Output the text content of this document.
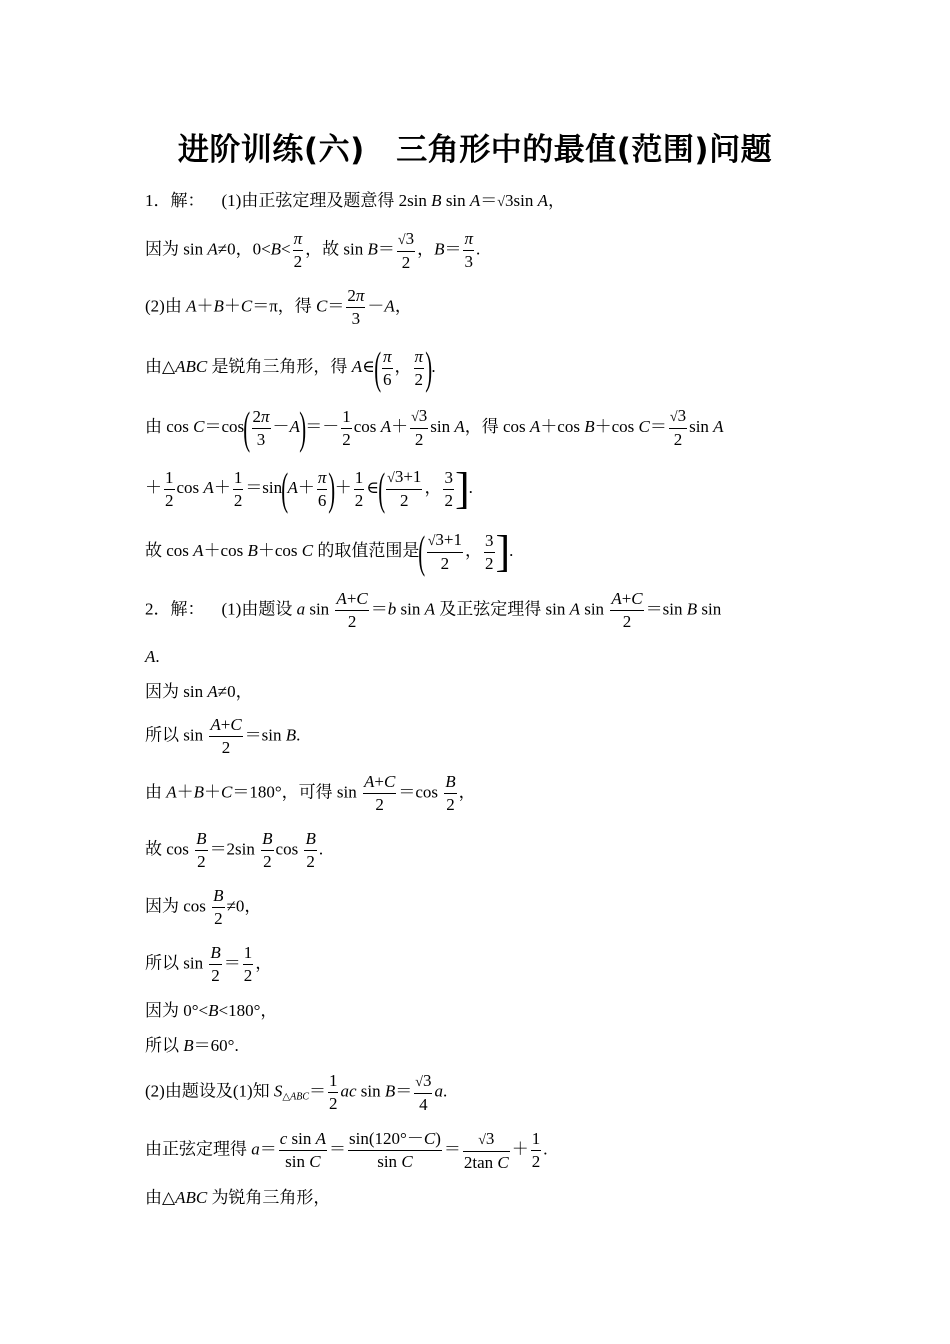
进阶训练(六)　三角形中的最值(范围)问题
1．解：    (1)由正弦定理及题意得 2sin B sin A＝√3sin A，
因为 sin A≠0，$0<B< \frac{\pi}{2}$ ，故 $\sin B= \frac{√3}{2}$ ，$B= \frac{\pi}{3}$ .
(2)由 A＋B＋C＝π，得 $C= \frac{2\pi}{3} -A$，
由△ABC 是锐角三角形，得 A∈( $\frac{\pi}{6}$ ， $\frac{\pi}{2}$ ).
由 $\cos C=\cos( \frac{2\pi}{3} -A)=- \frac{1}{2}$ $\cos A+ \frac{√3}{2}$ sin A，得 cos A＋cos B＋cos $C= \frac{√3}{2}$ sin A
＋ $\frac{1}{2}$ $\cos A+ \frac{1}{2} =\sin(A+ \frac{\pi}{6}$ )＋ $\frac{1}{2}$ ∈( $\frac{√3+1}{2}$ ， $\frac{3}{2}$ ].
故 cos A＋cos B＋cos C 的取值范围是( $\frac{√3+1}{2}$ ， $\frac{3}{2}$ ].
2．解：    (1)由题设 a $\sin \frac{A+C}{2} =b$ sin A 及正弦定理得 sin A $\sin \frac{A+C}{2} =\sin$ B sin
A.
因为 sin A≠0，
所以 $\sin \frac{A+C}{2} =\sin$ B.
由 A＋B＋C＝180°，可得 $\sin \frac{A+C}{2} =\cos \frac{B}{2}$ ，
故 $\cos \frac{B}{2} =2\sin \frac{B}{2}$ $\cos \frac{B}{2}$ .
因为 $\cos \frac{B}{2} \ne 0$，
所以 $\sin \frac{B}{2} = \frac{1}{2}$ ，
因为 0°<B<180°，
所以 B＝60°.
(2)由题设及(1)知 $S_{\triangle ABC}= \frac{1}{2}$ ac $\sin B= \frac{√3}{4} a$.
由正弦定理得 $a= \frac{\text{c sin A}}{\text{sin C}} = \frac{\sin(120^\circ-C)}{\text{sin C}} = \frac{√3}{\text{2tan C}} + \frac{1}{2}$ .
由△ABC 为锐角三角形，
